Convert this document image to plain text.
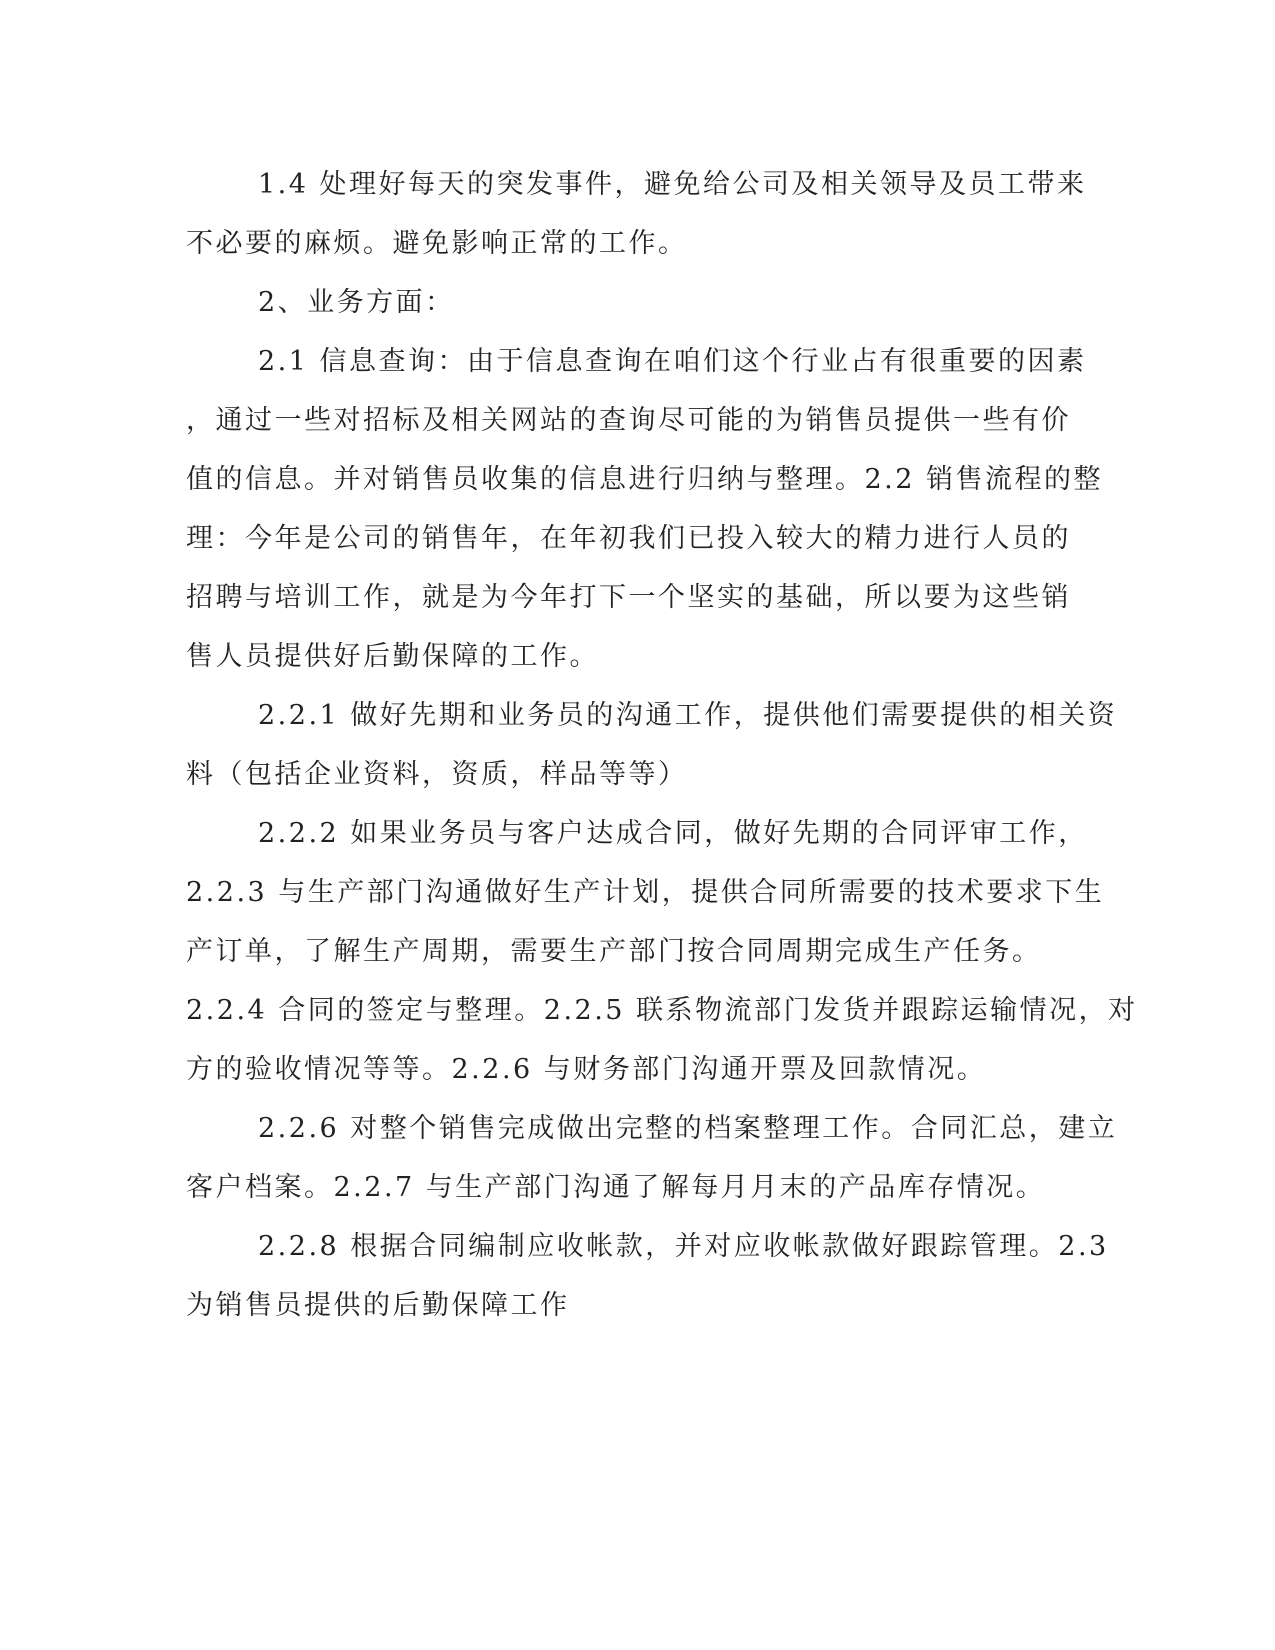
1.4 处理好每天的突发事件，避免给公司及相关领导及员工带来
不必要的麻烦。避免影响正常的工作。
2、业务方面：
2.1 信息查询：由于信息查询在咱们这个行业占有很重要的因素
，通过一些对招标及相关网站的查询尽可能的为销售员提供一些有价
值的信息。并对销售员收集的信息进行归纳与整理。2.2 销售流程的整
理：今年是公司的销售年，在年初我们已投入较大的精力进行人员的
招聘与培训工作，就是为今年打下一个坚实的基础，所以要为这些销
售人员提供好后勤保障的工作。
2.2.1 做好先期和业务员的沟通工作，提供他们需要提供的相关资
料（包括企业资料，资质，样品等等）
2.2.2 如果业务员与客户达成合同，做好先期的合同评审工作，
2.2.3 与生产部门沟通做好生产计划，提供合同所需要的技术要求下生
产订单，了解生产周期，需要生产部门按合同周期完成生产任务。
2.2.4 合同的签定与整理。2.2.5 联系物流部门发货并跟踪运输情况，对
方的验收情况等等。2.2.6 与财务部门沟通开票及回款情况。
2.2.6 对整个销售完成做出完整的档案整理工作。合同汇总，建立
客户档案。2.2.7 与生产部门沟通了解每月月末的产品库存情况。
2.2.8 根据合同编制应收帐款，并对应收帐款做好跟踪管理。2.3
为销售员提供的后勤保障工作
